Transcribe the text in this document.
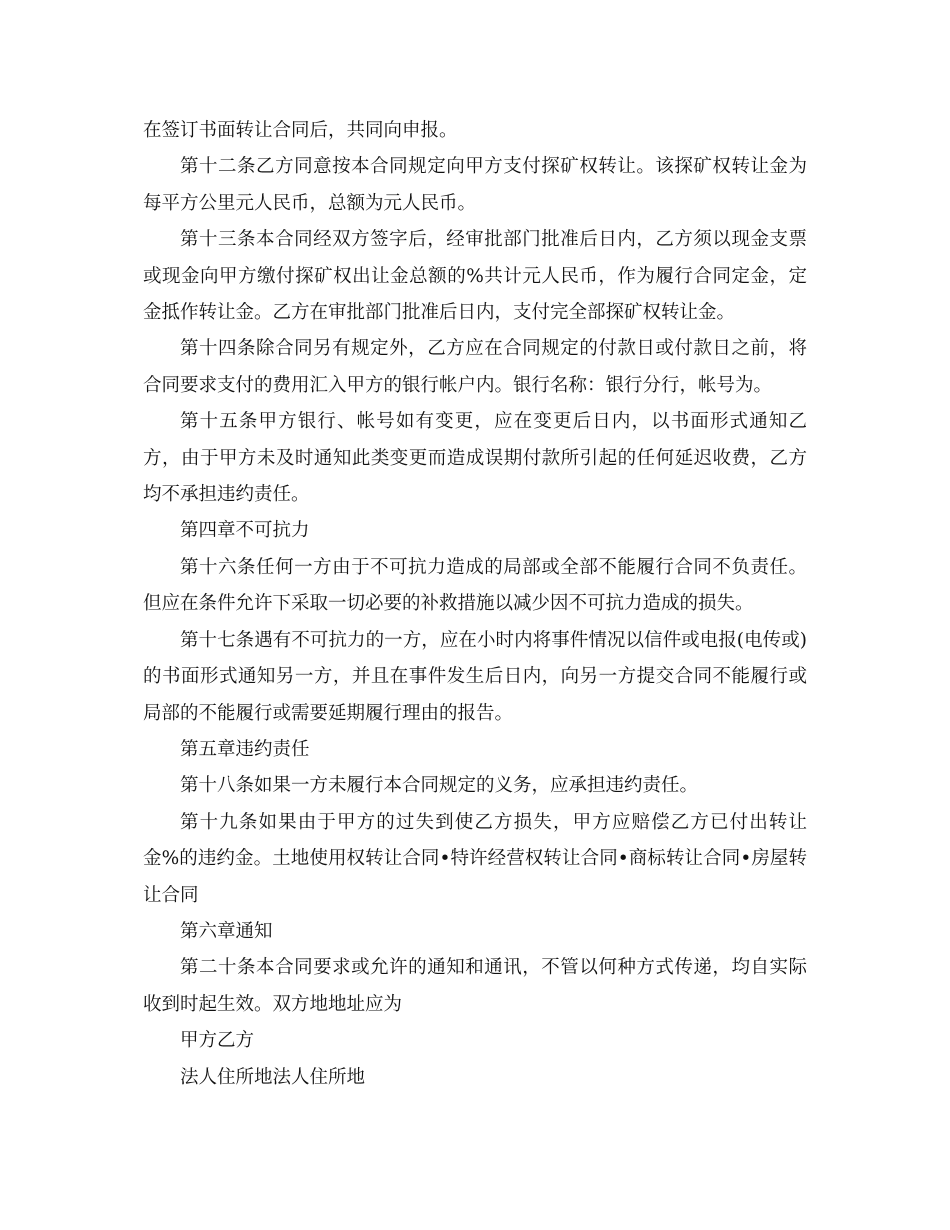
在签订书面转让合同后，共同向申报。

第十二条乙方同意按本合同规定向甲方支付探矿权转让。该探矿权转让金为每平方公里元人民币，总额为元人民币。

第十三条本合同经双方签字后，经审批部门批准后日内，乙方须以现金支票或现金向甲方缴付探矿权出让金总额的%共计元人民币，作为履行合同定金，定金抵作转让金。乙方在审批部门批准后日内，支付完全部探矿权转让金。

第十四条除合同另有规定外，乙方应在合同规定的付款日或付款日之前，将合同要求支付的费用汇入甲方的银行帐户内。银行名称：银行分行，帐号为。

第十五条甲方银行、帐号如有变更，应在变更后日内，以书面形式通知乙方，由于甲方未及时通知此类变更而造成误期付款所引起的任何延迟收费，乙方均不承担违约责任。

第四章不可抗力

第十六条任何一方由于不可抗力造成的局部或全部不能履行合同不负责任。但应在条件允许下采取一切必要的补救措施以减少因不可抗力造成的损失。

第十七条遇有不可抗力的一方，应在小时内将事件情况以信件或电报(电传或)的书面形式通知另一方，并且在事件发生后日内，向另一方提交合同不能履行或局部的不能履行或需要延期履行理由的报告。

第五章违约责任

第十八条如果一方未履行本合同规定的义务，应承担违约责任。

第十九条如果由于甲方的过失到使乙方损失，甲方应赔偿乙方已付出转让金%的违约金。土地使用权转让合同•特许经营权转让合同•商标转让合同•房屋转让合同

第六章通知

第二十条本合同要求或允许的通知和通讯，不管以何种方式传递，均自实际收到时起生效。双方地地址应为

甲方乙方

法人住所地法人住所地
